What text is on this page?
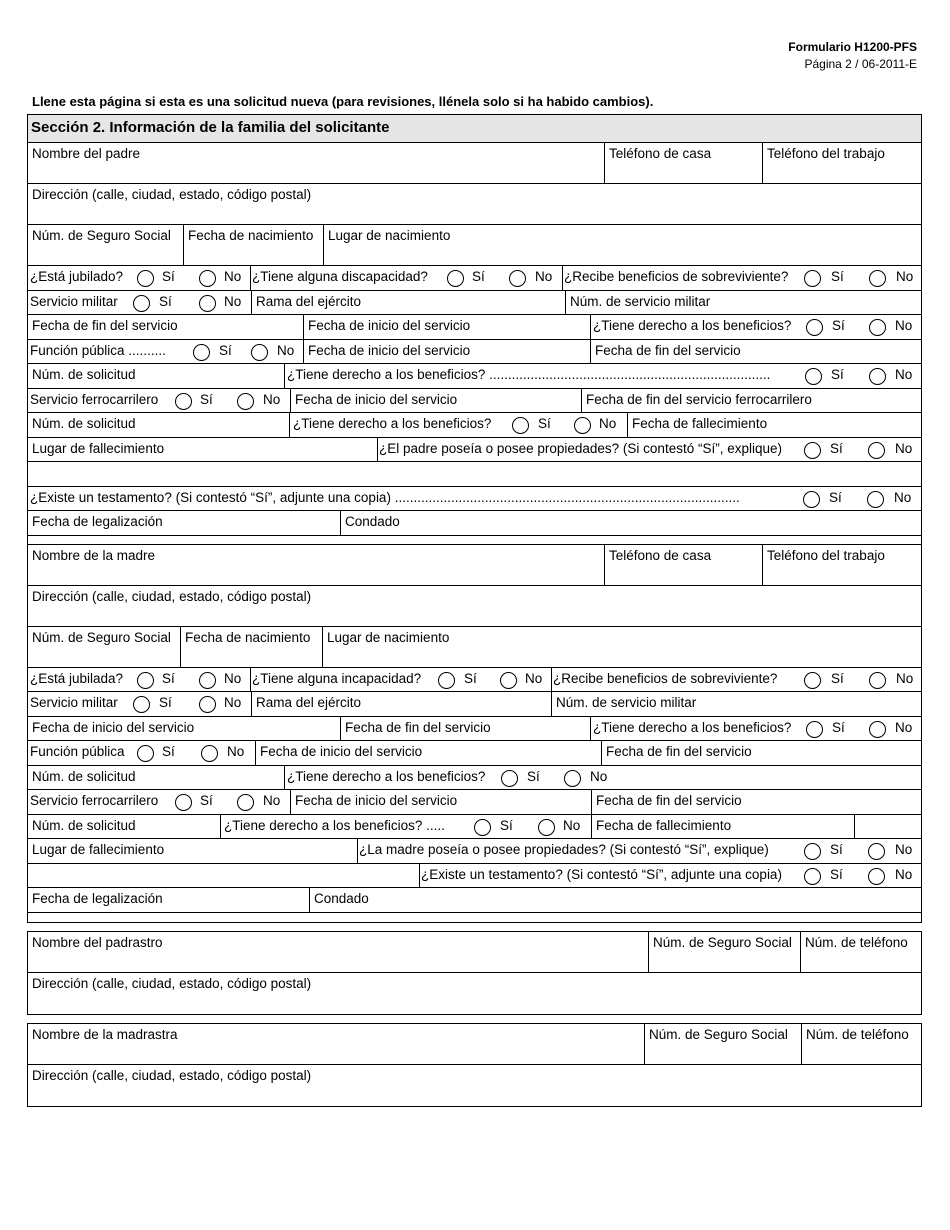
Formulario H1200-PFS
Página 2 / 06-2011-E
Llene esta página si esta es una solicitud nueva (para revisiones, llénela solo si ha habido cambios).
Sección 2. Información de la familia del solicitante
Nombre del padre	Teléfono de casa	Teléfono del trabajo
Dirección (calle, ciudad, estado, código postal)
Núm. de Seguro Social	Fecha de nacimiento	Lugar de nacimiento
¿Está jubilado?	Sí	No ¿Tiene alguna discapacidad?	Sí	No ¿Recibe beneficios de sobreviviente?	Sí	No
Servicio militar	Sí	No	Rama del ejército	Núm. de servicio militar
Fecha de fin del servicio	Fecha de inicio del servicio	¿Tiene derecho a los beneficios?	Sí	No
Función pública ..........	Sí	No	Fecha de inicio del servicio	Fecha de fin del servicio
Núm. de solicitud	¿Tiene derecho a los beneficios? ...........................................................................	Sí	No
Servicio ferrocarrilero	Sí	No	Fecha de inicio del servicio	Fecha de fin del servicio ferrocarrilero
Núm. de solicitud	¿Tiene derecho a los beneficios?	Sí	No	Fecha de fallecimiento
Lugar de fallecimiento	¿El padre poseía o posee propiedades? (Si contestó “Sí”, explique)	Sí	No
¿Existe un testamento? (Si contestó “Sí”, adjunte una copia) ............................................................................................	Sí	No
Fecha de legalización	Condado
Nombre de la madre	Teléfono de casa	Teléfono del trabajo
Dirección (calle, ciudad, estado, código postal)
Núm. de Seguro Social	Fecha de nacimiento	Lugar de nacimiento
¿Está jubilada?	Sí	No ¿Tiene alguna incapacidad?	Sí	No ¿Recibe beneficios de sobreviviente?	Sí	No
Servicio militar	Sí	No	Rama del ejército	Núm. de servicio militar
Fecha de inicio del servicio	Fecha de fin del servicio	¿Tiene derecho a los beneficios?	Sí	No
Función pública	Sí	No	Fecha de inicio del servicio	Fecha de fin del servicio
Núm. de solicitud	¿Tiene derecho a los beneficios?	Sí	No
Servicio ferrocarrilero	Sí	No	Fecha de inicio del servicio	Fecha de fin del servicio
Núm. de solicitud	¿Tiene derecho a los beneficios? .....	Sí	No	Fecha de fallecimiento
Lugar de fallecimiento	¿La madre poseía o posee propiedades? (Si contestó “Sí”, explique)	Sí	No
¿Existe un testamento? (Si contestó “Sí”, adjunte una copia)	Sí	No
Fecha de legalización	Condado
Nombre del padrastro	Núm. de Seguro Social Núm. de teléfono
Dirección (calle, ciudad, estado, código postal)
Nombre de la madrastra	Núm. de Seguro Social	Núm. de teléfono
Dirección (calle, ciudad, estado, código postal)
